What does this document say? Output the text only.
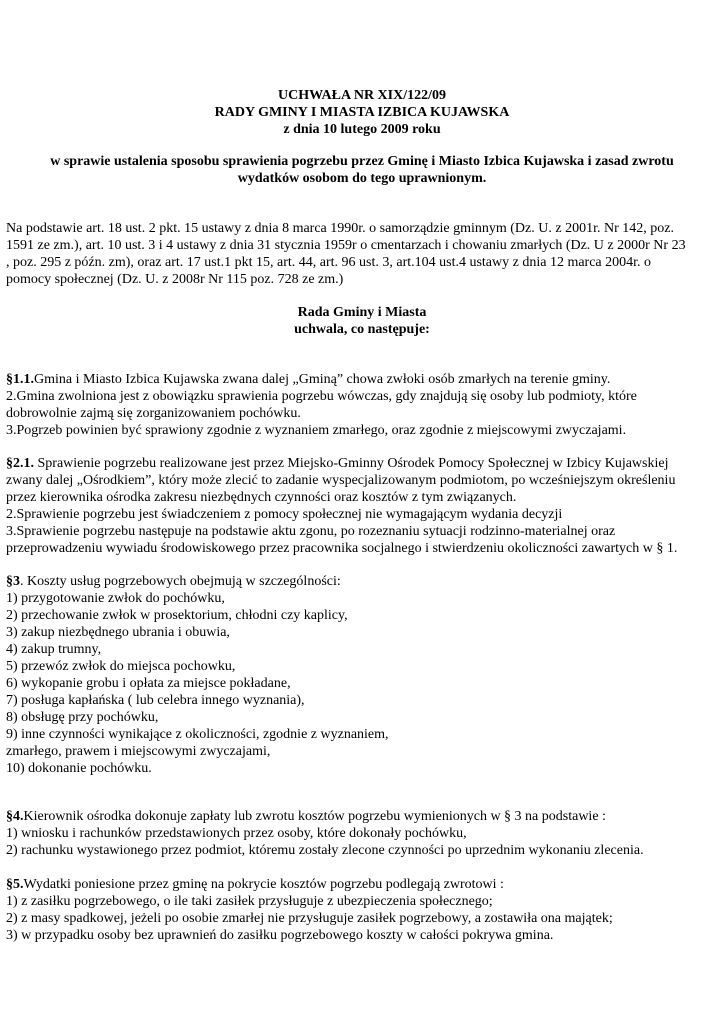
UCHWAŁA NR XIX/122/09
RADY GMINY I MIASTA IZBICA KUJAWSKA
z dnia 10 lutego 2009 roku
w sprawie ustalenia sposobu sprawienia pogrzebu przez Gminę i Miasto Izbica Kujawska i zasad zwrotu
wydatków osobom do tego uprawnionym.
Na podstawie art. 18 ust. 2 pkt. 15 ustawy z dnia 8 marca 1990r. o samorządzie gminnym (Dz. U. z 2001r. Nr 142, poz.
1591 ze zm.), art. 10 ust. 3 i 4 ustawy z dnia 31 stycznia 1959r o cmentarzach i chowaniu zmarłych (Dz. U z 2000r Nr 23
, poz. 295 z późn. zm), oraz art. 17 ust.1 pkt 15, art. 44, art. 96 ust. 3, art.104 ust.4 ustawy z dnia 12 marca 2004r. o
pomocy społecznej (Dz. U. z 2008r Nr 115 poz. 728 ze zm.)
Rada Gminy i Miasta
uchwala, co następuje:
§1.1.Gmina i Miasto Izbica Kujawska zwana dalej „Gminą” chowa zwłoki osób zmarłych na terenie gminy.
2.Gmina zwolniona jest z obowiązku sprawienia pogrzebu wówczas, gdy znajdują się osoby lub podmioty, które
dobrowolnie zajmą się zorganizowaniem pochówku.
3.Pogrzeb powinien być sprawiony zgodnie z wyznaniem zmarłego, oraz zgodnie z miejscowymi zwyczajami.
§2.1. Sprawienie pogrzebu realizowane jest przez Miejsko-Gminny Ośrodek Pomocy Społecznej w Izbicy Kujawskiej
zwany dalej „Ośrodkiem”, który może zlecić to zadanie wyspecjalizowanym podmiotom, po wcześniejszym określeniu
przez kierownika ośrodka zakresu niezbędnych czynności oraz kosztów z tym związanych.
2.Sprawienie pogrzebu jest świadczeniem z pomocy społecznej nie wymagającym wydania decyzji
3.Sprawienie pogrzebu następuje na podstawie aktu zgonu, po rozeznaniu sytuacji rodzinno-materialnej oraz
przeprowadzeniu wywiadu środowiskowego przez pracownika socjalnego i stwierdzeniu okoliczności zawartych w § 1.
§3. Koszty usług pogrzebowych obejmują w szczególności:
1) przygotowanie zwłok do pochówku,
2) przechowanie zwłok w prosektorium, chłodni czy kaplicy,
3) zakup niezbędnego ubrania i obuwia,
4) zakup trumny,
5) przewóz zwłok do miejsca pochowku,
6) wykopanie grobu i opłata za miejsce pokładane,
7) posługa kapłańska ( lub celebra innego wyznania),
8) obsługę przy pochówku,
9) inne czynności wynikające z okoliczności, zgodnie z wyznaniem,
zmarłego, prawem i miejscowymi zwyczajami,
10) dokonanie pochówku.
§4.Kierownik ośrodka dokonuje zapłaty lub zwrotu kosztów pogrzebu wymienionych w § 3 na podstawie :
1) wniosku i rachunków przedstawionych przez osoby, które dokonały pochówku,
2) rachunku wystawionego przez podmiot, któremu zostały zlecone czynności po uprzednim wykonaniu zlecenia.
§5.Wydatki poniesione przez gminę na pokrycie kosztów pogrzebu podlegają zwrotowi :
1) z zasiłku pogrzebowego, o ile taki zasiłek przysługuje z ubezpieczenia społecznego;
2) z masy spadkowej, jeżeli po osobie zmarłej nie przysługuje zasiłek pogrzebowy, a zostawiła ona majątek;
3) w przypadku osoby bez uprawnień do zasiłku pogrzebowego koszty w całości pokrywa gmina.
